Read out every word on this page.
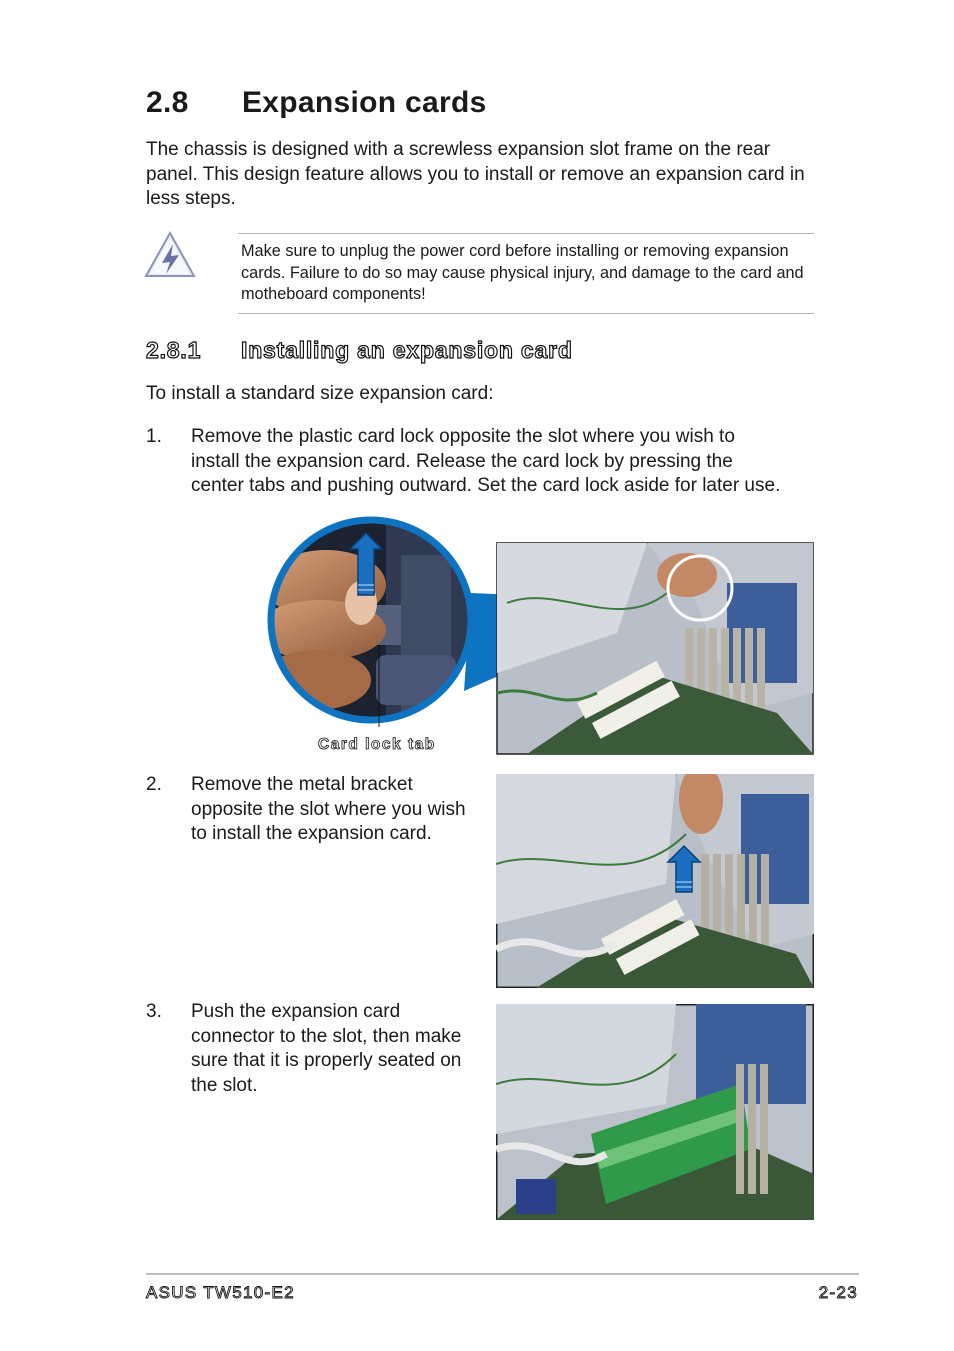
2.8 Expansion cards
The chassis is designed with a screwless expansion slot frame on the rear panel. This design feature allows you to install or remove an expansion card in less steps.
Make sure to unplug the power cord before installing or removing expansion cards. Failure to do so may cause physical injury, and damage to the card and motheboard components!
2.8.1 Installing an expansion card
To install a standard size expansion card:
1. Remove the plastic card lock opposite the slot where you wish to
install the expansion card. Release the card lock by pressing the
center tabs and pushing outward. Set the card lock aside for later use.
Card lock tab
2. Remove the metal bracket
opposite the slot where you wish
to install the expansion card.
3. Push the expansion card
connector to the slot, then make
sure that it is properly seated on
the slot.
ASUS TW510-E2	2-23
